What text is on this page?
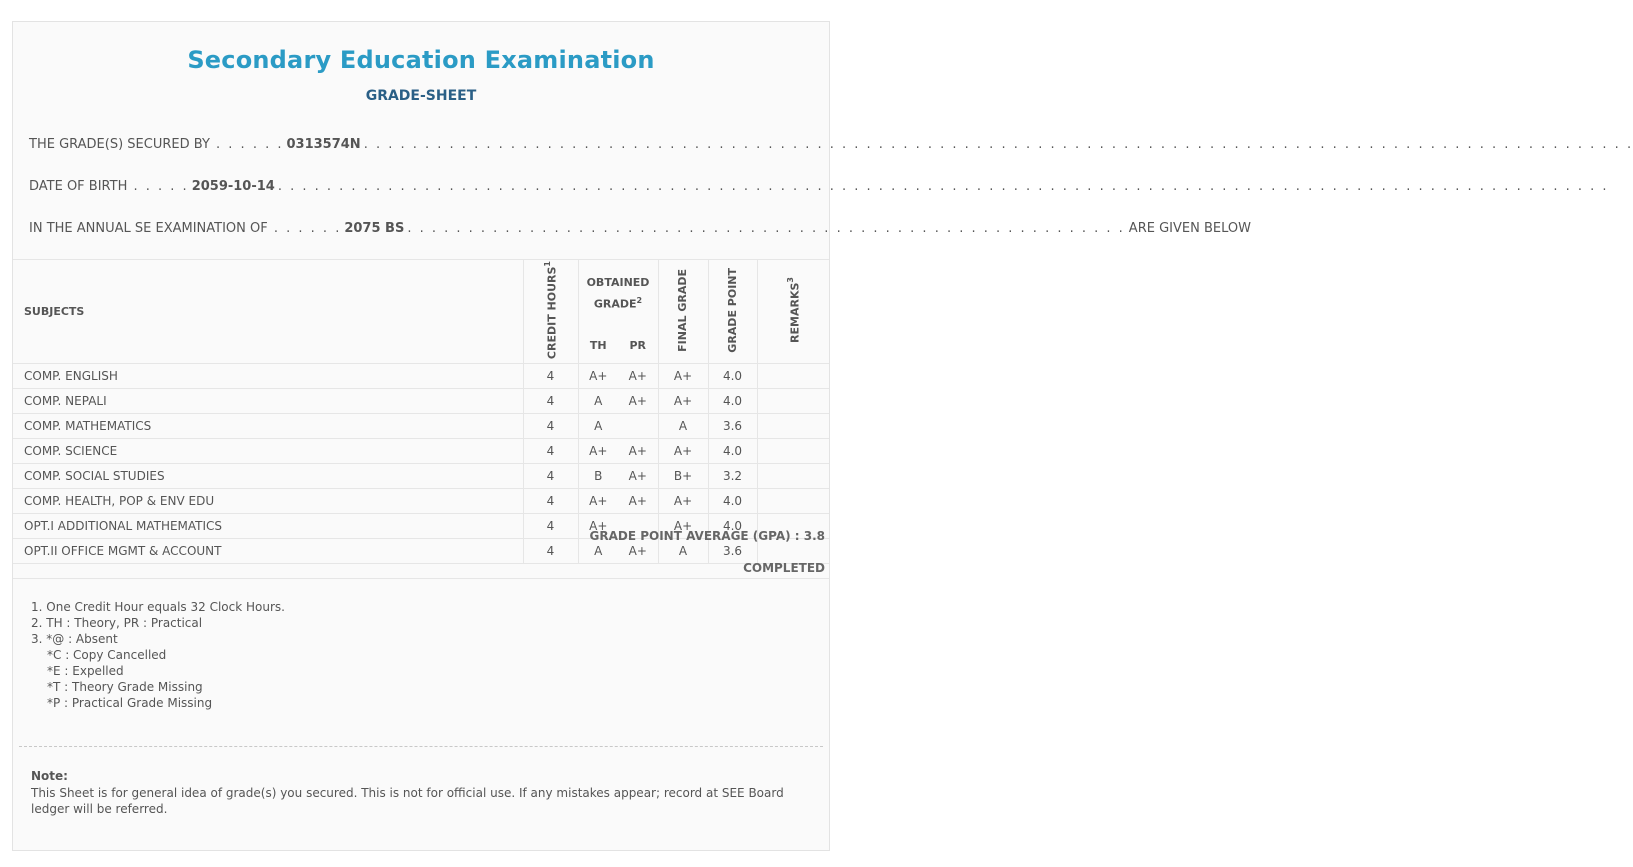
Secondary Education Examination
GRADE-SHEET
THE GRADE(S) SECURED BY . . . . . . 0313574N . . . . . . . . . . . . . . . . . . . . . . . . . . . . . . . . . . . . . . . . . . . . . . . . . . . . . . . . . . . . . . . . . . . . . . . . . . . . . . . . . . . . . . . . . . . . . . . . . . . . . . . .
DATE OF BIRTH . . . . . 2059-10-14 . . . . . . . . . . . . . . . . . . . . . . . . . . . . . . . . . . . . . . . . . . . . . . . . . . . . . . . . . . . . . . . . . . . . . . . . . . . . . . . . . . . . . . . . . . . . . . . . . . . . . . . . . . . . .
IN THE ANNUAL SE EXAMINATION OF . . . . . . 2075 BS . . . . . . . . . . . . . . . . . . . . . . . . . . . . . . . . . . . . . . . . . . . . . . . . . . . . . . . . . . . ARE GIVEN BELOW
SUBJECTS	CREDIT HOURS$^1$	OBTAINED GRADE$^2$		FINAL GRADE	GRADE POINT	REMARKS$^3$
		TH	PR			
COMP. ENGLISH	4	A+	A+	A+	4.0	
COMP. NEPALI	4	A	A+	A+	4.0	
COMP. MATHEMATICS	4	A		A	3.6	
COMP. SCIENCE	4	A+	A+	A+	4.0	
COMP. SOCIAL STUDIES	4	B	A+	B+	3.2	
COMP. HEALTH, POP & ENV EDU	4	A+	A+	A+	4.0	
OPT.I ADDITIONAL MATHEMATICS	4	A+		A+	4.0	
OPT.II OFFICE MGMT & ACCOUNT	4	A	A+	A	3.6	
GRADE POINT AVERAGE (GPA) : 3.8
COMPLETED
1. One Credit Hour equals 32 Clock Hours.
2. TH : Theory, PR : Practical
3. *@ : Absent
*C : Copy Cancelled
*E : Expelled
*T : Theory Grade Missing
*P : Practical Grade Missing
Note:
This Sheet is for general idea of grade(s) you secured. This is not for official use. If any mistakes appear; record at SEE Board ledger will be referred.
